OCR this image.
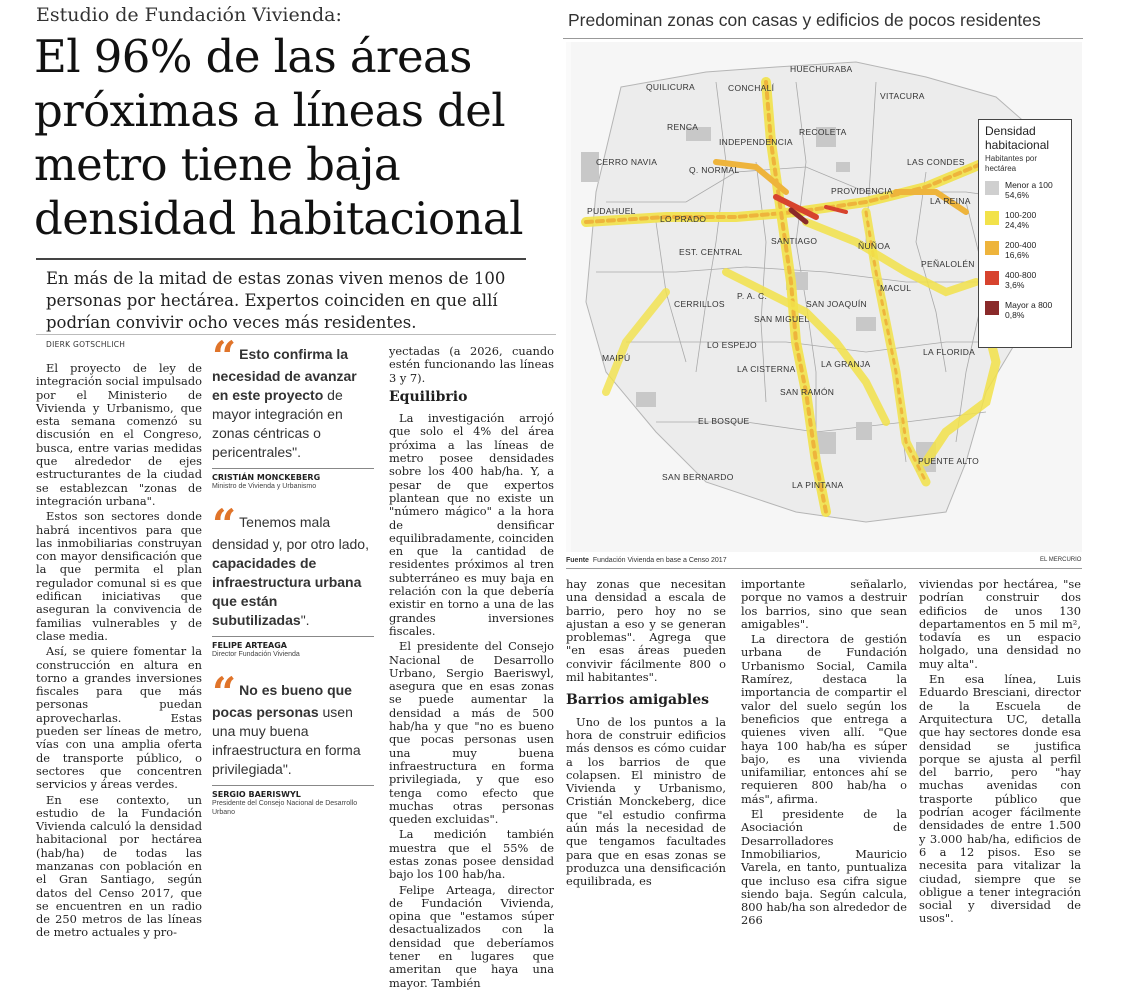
Estudio de Fundación Vivienda:
El 96% de las áreas próximas a líneas del metro tiene baja densidad habitacional
En más de la mitad de estas zonas viven menos de 100 personas por hectárea. Expertos coinciden en que allí podrían convivir ocho veces más residentes.
DIERK GOTSCHLICH

El proyecto de ley de integración social impulsado por el Ministerio de Vivienda y Urbanismo, que esta semana comenzó su discusión en el Congreso, busca, entre varias medidas que alrededor de ejes estructurantes de la ciudad se establezcan "zonas de integración urbana".

Estos son sectores donde habrá incentivos para que las inmobiliarias construyan con mayor densificación que la que permita el plan regulador comunal si es que edifican iniciativas que aseguran la convivencia de familias vulnerables y de clase media.

Así, se quiere fomentar la construcción en altura en torno a grandes inversiones fiscales para que más personas puedan aprovecharlas. Estas pueden ser líneas de metro, vías con una amplia oferta de transporte público, o sectores que concentren servicios y áreas verdes.

En ese contexto, un estudio de la Fundación Vivienda calculó la densidad habitacional por hectárea (hab/ha) de todas las manzanas con población en el Gran Santiago, según datos del Censo 2017, que se encuentren en un radio de 250 metros de las líneas de metro actuales y pro-

“ Esto confirma la necesidad de avanzar en este proyecto de mayor integración en zonas céntricas o pericentrales".
CRISTIÁN MONCKEBERG
Ministro de Vivienda y Urbanismo
“ Tenemos mala densidad y, por otro lado, capacidades de infraestructura urbana que están subutilizadas".
FELIPE ARTEAGA
Director Fundación Vivienda
“ No es bueno que pocas personas usen una muy buena infraestructura en forma privilegiada".
SERGIO BAERISWYL
Presidente del Consejo Nacional de Desarrollo Urbano

yectadas (a 2026, cuando estén funcionando las líneas 3 y 7).

Equilibrio

La investigación arrojó que solo el 4% del área próxima a las líneas de metro posee densidades sobre los 400 hab/ha. Y, a pesar de que expertos plantean que no existe un "número mágico" a la hora de densificar equilibradamente, coinciden en que la cantidad de residentes próximos al tren subterráneo es muy baja en relación con la que debería existir en torno a una de las grandes inversiones fiscales.

El presidente del Consejo Nacional de Desarrollo Urbano, Sergio Baeriswyl, asegura que en esas zonas se puede aumentar la densidad a más de 500 hab/ha y que "no es bueno que pocas personas usen una muy buena infraestructura en forma privilegiada, y que eso tenga como efecto que muchas otras personas queden excluidas".

La medición también muestra que el 55% de estas zonas posee densidad bajo los 100 hab/ha.

Felipe Arteaga, director de Fundación Vivienda, opina que "estamos súper desactualizados con la densidad que deberíamos tener en lugares que ameritan que haya una mayor. También

Predominan zonas con casas y edificios de pocos residentes
HUECHURABA
QUILICURA	CONCHALÍ
VITACURA
RENCA	RECOLETA
INDEPENDENCIA
LAS CONDES
CERRO NAVIA
Q. NORMAL
PROVIDENCIA
PUDAHUEL
LO PRADO
LA REINA
SANTIAGO	ÑUÑOA
EST. CENTRAL
PEÑALOLÉN
MACUL
P. A. C.
CERRILLOS	SAN JOAQUÍN
SAN MIGUEL
LO ESPEJO
LA FLORIDA
MAIPÚ
LA GRANJA
LA CISTERNA
SAN RAMÓN
EL BOSQUE
PUENTE ALTO
SAN BERNARDO
LA PINTANA
Densidad habitacional
Habitantes por hectárea
Menor a 100
54,6%
100-200
24,4%
200-400
16,6%
400-800
3,6%
Mayor a 800
0,8%
Fuente Fundación Vivienda en base a Censo 2017	EL MERCURIO

hay zonas que necesitan una densidad a escala de barrio, pero hoy no se ajustan a eso y se generan problemas". Agrega que "en esas áreas pueden convivir fácilmente 800 o mil habitantes".

Barrios amigables

Uno de los puntos a la hora de construir edificios más densos es cómo cuidar a los barrios de que colapsen. El ministro de Vivienda y Urbanismo, Cristián Monckeberg, dice que "el estudio confirma aún más la necesidad de que tengamos facultades para que en esas zonas se produzca una densificación equilibrada, es

importante señalarlo, porque no vamos a destruir los barrios, sino que sean amigables".

La directora de gestión urbana de Fundación Urbanismo Social, Camila Ramírez, destaca la importancia de compartir el valor del suelo según los beneficios que entrega a quienes viven allí. "Que haya 100 hab/ha es súper bajo, es una vivienda unifamiliar, entonces ahí se requieren 800 hab/ha o más", afirma.

El presidente de la Asociación de Desarrolladores Inmobiliarios, Mauricio Varela, en tanto, puntualiza que incluso esa cifra sigue siendo baja. Según calcula, 800 hab/ha son alrededor de 266

viviendas por hectárea, "se podrían construir dos edificios de unos 130 departamentos en 5 mil m², todavía es un espacio holgado, una densidad no muy alta".

En esa línea, Luis Eduardo Bresciani, director de la Escuela de Arquitectura UC, detalla que hay sectores donde esa densidad se justifica porque se ajusta al perfil del barrio, pero "hay muchas avenidas con trasporte público que podrían acoger fácilmente densidades de entre 1.500 y 3.000 hab/ha, edificios de 6 a 12 pisos. Eso se necesita para vitalizar la ciudad, siempre que se obligue a tener integración social y diversidad de usos".
